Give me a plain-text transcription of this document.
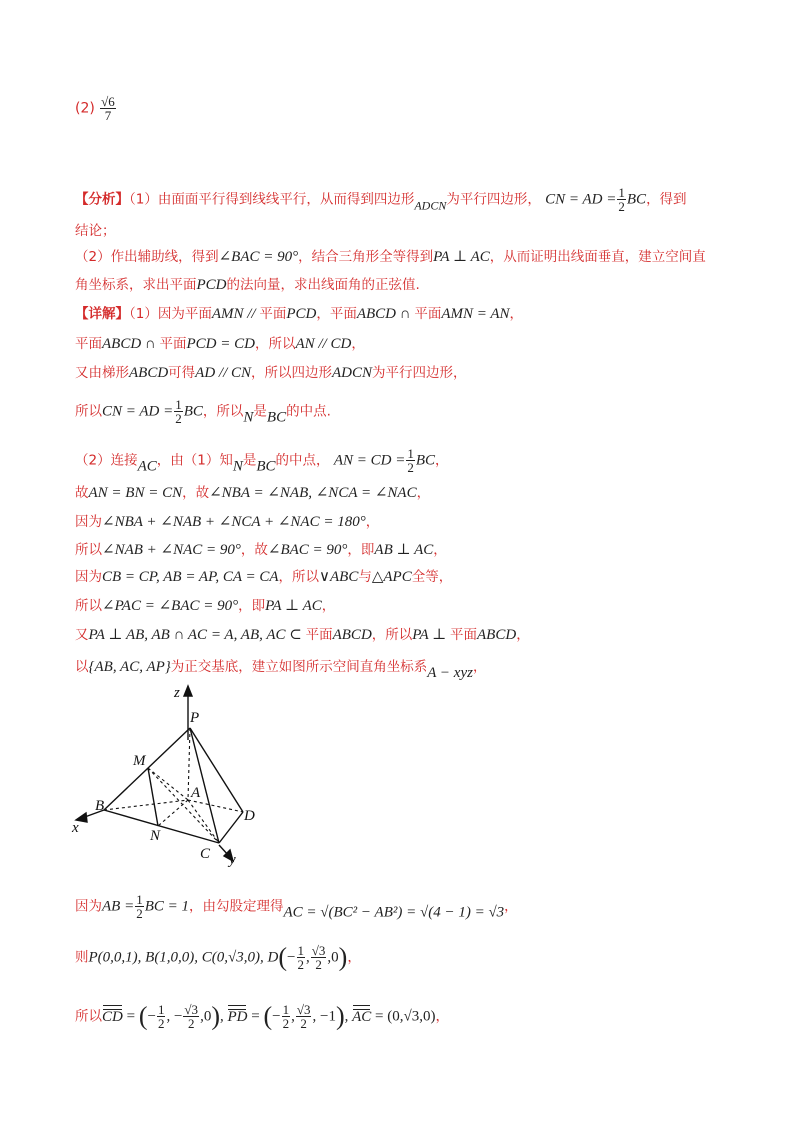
$(2) \frac{√6}{7}$
【分析】（1）由面面平行得到线线平行，从而得到四边形ADCN为平行四边形， CN = AD = $\frac{1}{2}$ BC，得到
结论；
（2）作出辅助线，得到∠BAC = 90°，结合三角形全等得到PA ⊥ AC，从而证明出线面垂直，建立空间直
角坐标系，求出平面PCD的法向量，求出线面角的正弦值.
【详解】（1）因为平面AMN // 平面PCD，平面ABCD ∩ 平面AMN = AN，
平面ABCD ∩ 平面PCD = CD，所以AN // CD，
又由梯形ABCD可得AD // CN，所以四边形ADCN为平行四边形，
所以CN = AD = $\frac{1}{2}$ BC，所以N是BC的中点.
（2）连接AC，由（1）知N是BC的中点， AN = CD = $\frac{1}{2}$ BC，
故AN = BN = CN，故∠NBA = ∠NAB, ∠NCA = ∠NAC，
因为∠NBA + ∠NAB + ∠NCA + ∠NAC = 180°，
所以∠NAB + ∠NAC = 90°，故∠BAC = 90°，即AB ⊥ AC，
因为CB = CP, AB = AP, CA = CA，所以∨ABC与△APC全等，
所以∠PAC = ∠BAC = 90°，即PA ⊥ AC，
又PA ⊥ AB, AB ∩ AC = A, AB, AC ⊂ 平面ABCD，所以PA ⊥ 平面ABCD，
以{AB, AC, AP}为正交基底，建立如图所示空间直角坐标系A − xyz，
z
P
M
A
B
D
x	N
C y
因为AB = $\frac{1}{2}$ BC = 1，由勾股定理得AC = √(BC² − AB²) = √(4 − 1) = √3，
则P(0,0,1), B(1,0,0), C(0,√3,0), $D(- \frac{1}{2}$ , $\frac{√3}{2} ,0$)，
所以CD = (− $\frac{1}{2}$ , − $\frac{√3}{2} ,0$), PD = (− $\frac{1}{2}$ , $\frac{√3}{2}$ , −1), AC = (0,√3,0)，
